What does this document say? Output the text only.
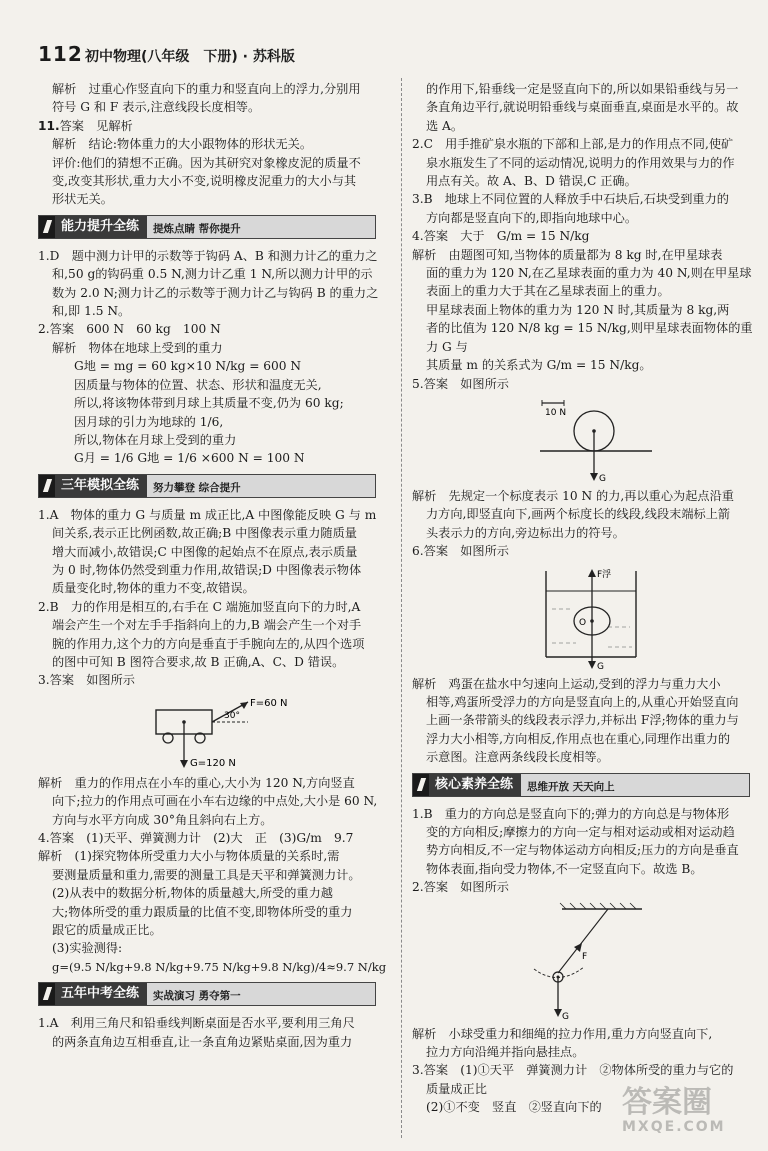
112 初中物理(八年级　下册) · 苏科版

解析　过重心作竖直向下的重力和竖直向上的浮力,分别用

符号 G 和 F 表示,注意线段长度相等。

11.答案　见解析

解析　结论:物体重力的大小跟物体的形状无关。

评价:他们的猜想不正确。因为其研究对象橡皮泥的质量不

变,改变其形状,重力大小不变,说明橡皮泥重力的大小与其

形状无关。

能力提升全练	提炼点睛 帮你提升

1.D　题中测力计甲的示数等于钩码 A、B 和测力计乙的重力之

和,50 g的钩码重 0.5 N,测力计乙重 1 N,所以测力计甲的示

数为 2.0 N;测力计乙的示数等于测力计乙与钩码 B 的重力之

和,即 1.5 N。

2.答案　600 N　60 kg　100 N

解析　物体在地球上受到的重力

G地 = mg = 60 kg×10 N/kg = 600 N

因质量与物体的位置、状态、形状和温度无关,

所以,将该物体带到月球上其质量不变,仍为 60 kg;

因月球的引力为地球的 1/6,

所以,物体在月球上受到的重力

G月 = 1/6 G地 = 1/6 ×600 N = 100 N

三年模拟全练	努力攀登 综合提升

1.A　物体的重力 G 与质量 m 成正比,A 中图像能反映 G 与 m

间关系,表示正比例函数,故正确;B 中图像表示重力随质量

增大而减小,故错误;C 中图像的起始点不在原点,表示质量

为 0 时,物体仍然受到重力作用,故错误;D 中图像表示物体

质量变化时,物体的重力不变,故错误。

2.B　力的作用是相互的,右手在 C 端施加竖直向下的力时,A

端会产生一个对左手手指斜向上的力,B 端会产生一个对手

腕的作用力,这个力的方向是垂直于手腕向左的,从四个选项

的图中可知 B 图符合要求,故 B 正确,A、C、D 错误。

3.答案　如图所示

F=60 N
30°
G=120 N

解析　重力的作用点在小车的重心,大小为 120 N,方向竖直

向下;拉力的作用点可画在小车右边缘的中点处,大小是 60 N,

方向与水平方向成 30°角且斜向右上方。

4.答案　(1)天平、弹簧测力计　(2)大　正　(3)G/m　9.7

解析　(1)探究物体所受重力大小与物体质量的关系时,需

要测量质量和重力,需要的测量工具是天平和弹簧测力计。

(2)从表中的数据分析,物体的质量越大,所受的重力越

大;物体所受的重力跟质量的比值不变,即物体所受的重力

跟它的质量成正比。

(3)实验测得:

g=(9.5 N/kg+9.8 N/kg+9.75 N/kg+9.8 N/kg)/4≈9.7 N/kg

五年中考全练	实战演习 勇夺第一

1.A　利用三角尺和铅垂线判断桌面是否水平,要利用三角尺

的两条直角边互相垂直,让一条直角边紧贴桌面,因为重力

的作用下,铅垂线一定是竖直向下的,所以如果铅垂线与另一

条直角边平行,就说明铅垂线与桌面垂直,桌面是水平的。故

选 A。

2.C　用手推矿泉水瓶的下部和上部,是力的作用点不同,使矿

泉水瓶发生了不同的运动情况,说明力的作用效果与力的作

用点有关。故 A、B、D 错误,C 正确。

3.B　地球上不同位置的人释放手中石块后,石块受到重力的

方向都是竖直向下的,即指向地球中心。

4.答案　大于　G/m = 15 N/kg

解析　由题图可知,当物体的质量都为 8 kg 时,在甲星球表

面的重力为 120 N,在乙星球表面的重力为 40 N,则在甲星球

表面上的重力大于其在乙星球表面上的重力。

甲星球表面上物体的重力为 120 N 时,其质量为 8 kg,两

者的比值为 120 N/8 kg = 15 N/kg,则甲星球表面物体的重力 G 与

其质量 m 的关系式为 G/m = 15 N/kg。

5.答案　如图所示

10 N
G

解析　先规定一个标度表示 10 N 的力,再以重心为起点沿重

力方向,即竖直向下,画两个标度长的线段,线段末端标上箭

头表示力的方向,旁边标出力的符号。

6.答案　如图所示

O
F浮
G

解析　鸡蛋在盐水中匀速向上运动,受到的浮力与重力大小

相等,鸡蛋所受浮力的方向是竖直向上的,从重心开始竖直向

上画一条带箭头的线段表示浮力,并标出 F浮;物体的重力与

浮力大小相等,方向相反,作用点也在重心,同理作出重力的

示意图。注意两条线段长度相等。

核心素养全练	思维开放 天天向上

1.B　重力的方向总是竖直向下的;弹力的方向总是与物体形

变的方向相反;摩擦力的方向一定与相对运动或相对运动趋

势方向相反,不一定与物体运动方向相反;压力的方向是垂直

物体表面,指向受力物体,不一定竖直向下。故选 B。

2.答案　如图所示

F
G

解析　小球受重力和细绳的拉力作用,重力方向竖直向下,

拉力方向沿绳并指向悬挂点。

3.答案　(1)①天平　弹簧测力计　②物体所受的重力与它的

质量成正比

(2)①不变　竖直　②竖直向下的 答案圈
MXQE.COM
